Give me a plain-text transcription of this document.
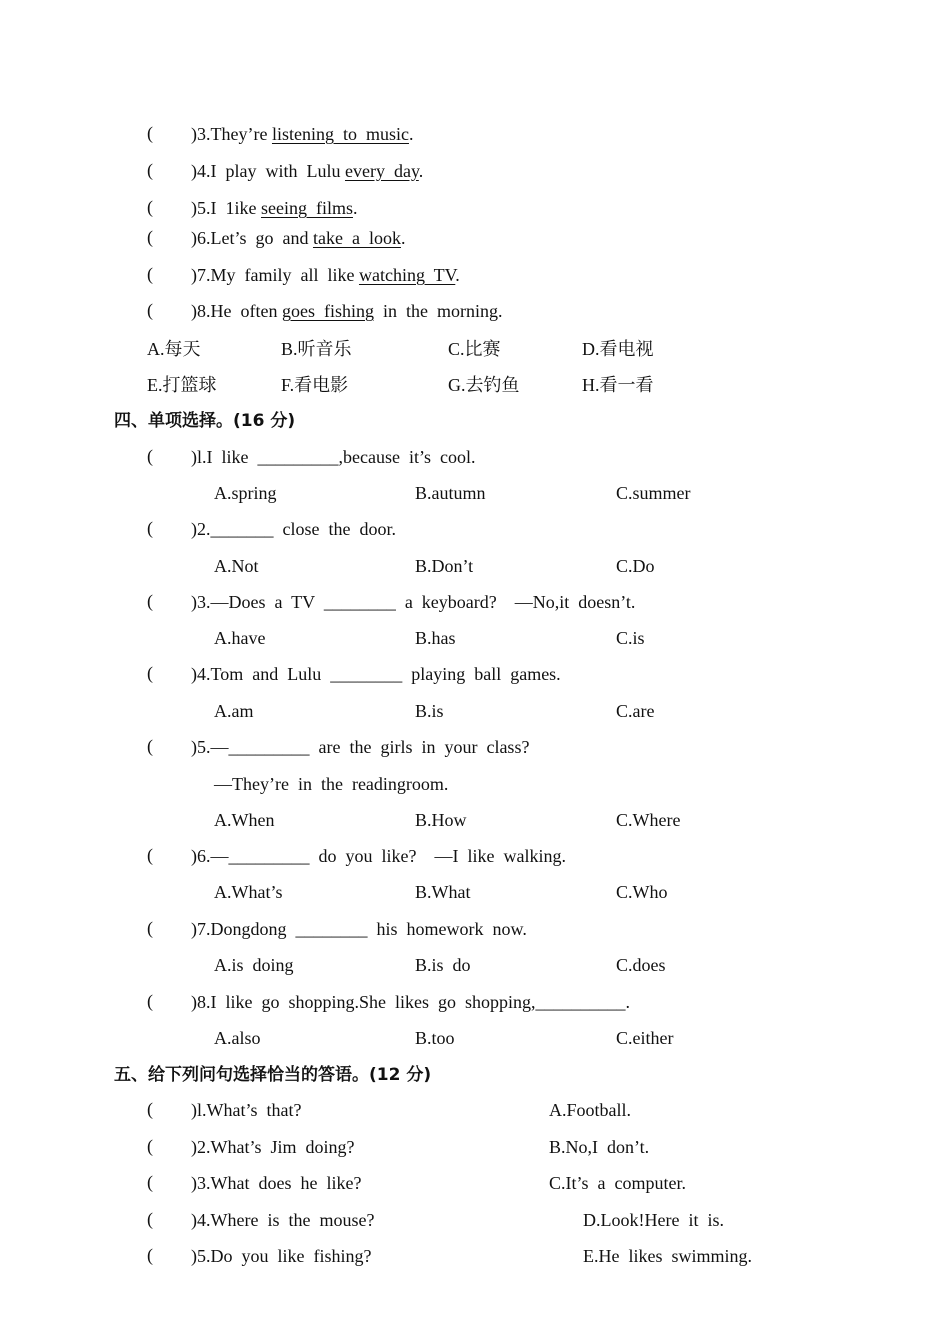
( )3.They’re listening  to  music.
( )4.I  play  with  Lulu every  day.
( )5.I  1ike seeing  films.
( )6.Let’s  go  and take  a  look.
( )7.My  family  all  like watching  TV.
( )8.He  often goes  fishing  in  the  morning.
A.每天	B.听音乐	C.比赛	D.看电视
E.打篮球	F.看电影	G.去钓鱼	H.看一看
四、单项选择。(16 分)
( )l.I  like  _________,because  it’s  cool.
A.spring	B.autumn	C.summer
( )2._______  close  the  door.
A.Not	B.Don’t	C.Do
( )3.—Does  a  TV  ________  a  keyboard?    —No,it  doesn’t.
A.have	B.has	C.is
( )4.Tom  and  Lulu  ________  playing  ball  games.
A.am	B.is	C.are
( )5.—_________  are  the  girls  in  your  class?
—They’re  in  the  readingroom.
A.When	B.How	C.Where
( )6.—_________  do  you  like?    —I  like  walking.
A.What’s	B.What	C.Who
( )7.Dongdong  ________  his  homework  now.
A.is  doing	B.is  do	C.does
( )8.I  like  go  shopping.She  likes  go  shopping,__________.
A.also	B.too	C.either
五、给下列问句选择恰当的答语。(12 分)
( )l.What’s  that?	A.Football.
( )2.What’s  Jim  doing?	B.No,I  don’t.
( )3.What  does  he  like?	C.It’s  a  computer.
( )4.Where  is  the  mouse?	D.Look!Here  it  is.
( )5.Do  you  like  fishing?	E.He  likes  swimming.
